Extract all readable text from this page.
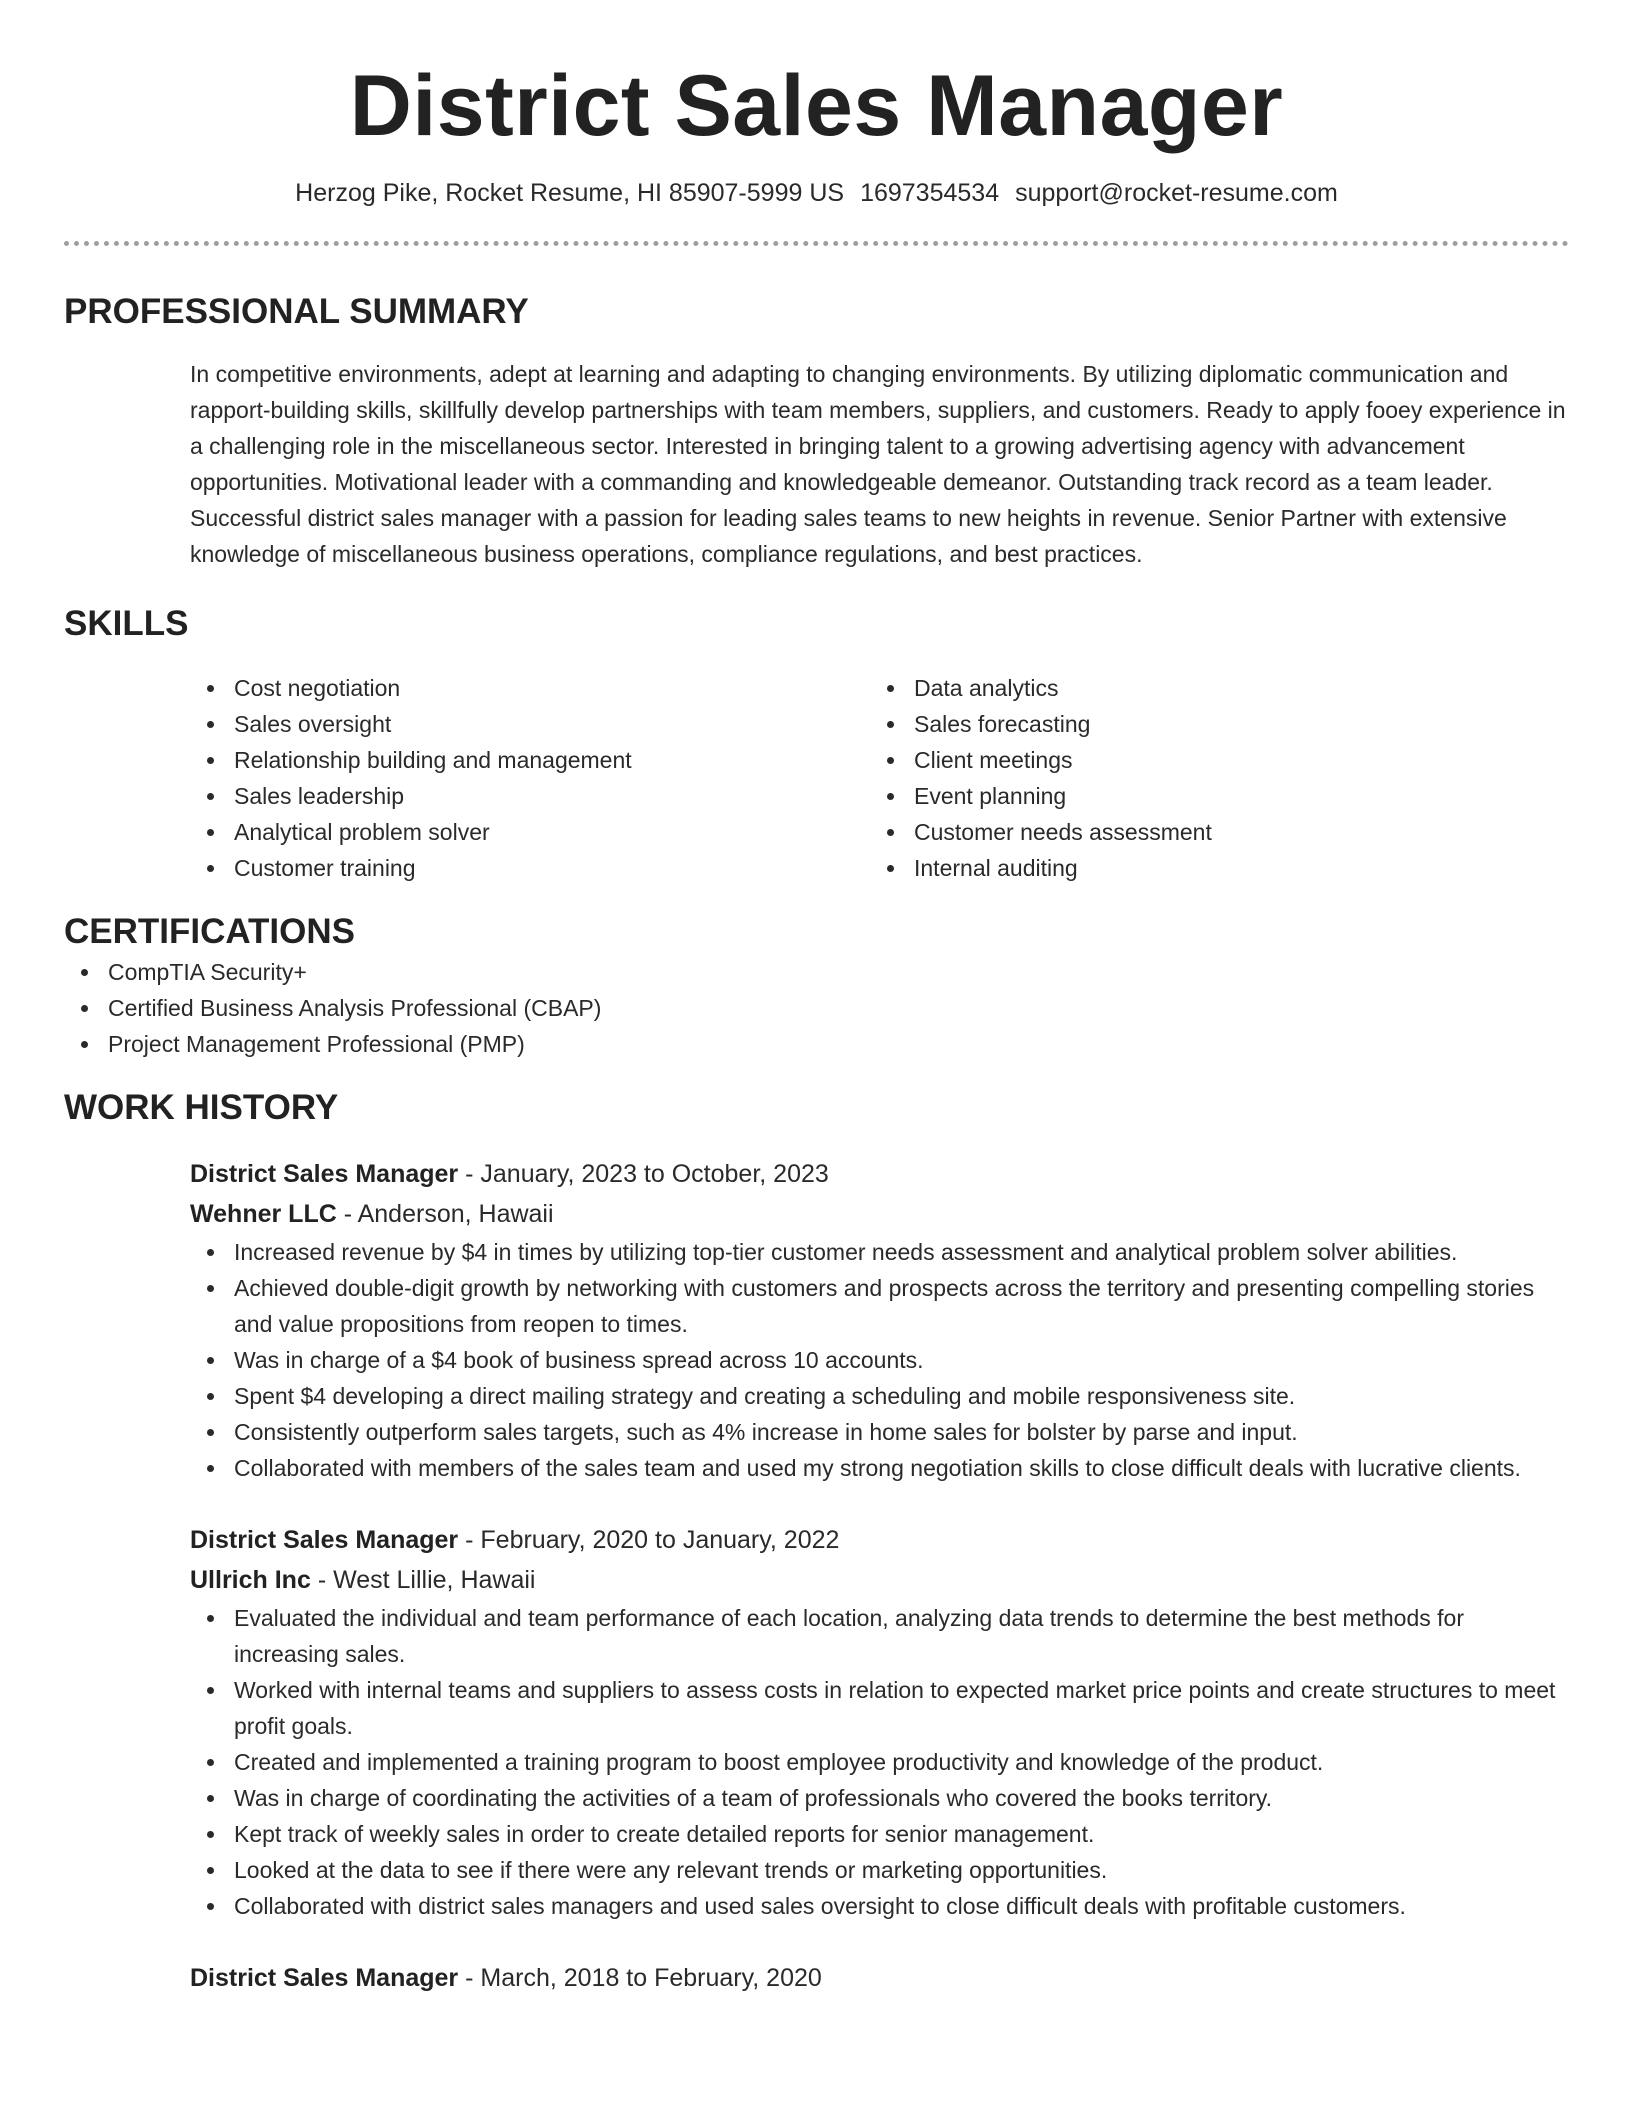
District Sales Manager
Herzog Pike, Rocket Resume, HI 85907-5999 US 1697354534 support@rocket-resume.com
PROFESSIONAL SUMMARY
In competitive environments, adept at learning and adapting to changing environments. By utilizing diplomatic communication and rapport-building skills, skillfully develop partnerships with team members, suppliers, and customers. Ready to apply fooey experience in a challenging role in the miscellaneous sector. Interested in bringing talent to a growing advertising agency with advancement opportunities. Motivational leader with a commanding and knowledgeable demeanor. Outstanding track record as a team leader. Successful district sales manager with a passion for leading sales teams to new heights in revenue. Senior Partner with extensive knowledge of miscellaneous business operations, compliance regulations, and best practices.
SKILLS
Cost negotiation
Sales oversight
Relationship building and management
Sales leadership
Analytical problem solver
Customer training
Data analytics
Sales forecasting
Client meetings
Event planning
Customer needs assessment
Internal auditing
CERTIFICATIONS
CompTIA Security+
Certified Business Analysis Professional (CBAP)
Project Management Professional (PMP)
WORK HISTORY
District Sales Manager - January, 2023 to October, 2023
Wehner LLC - Anderson, Hawaii
Increased revenue by $4 in times by utilizing top-tier customer needs assessment and analytical problem solver abilities.
Achieved double-digit growth by networking with customers and prospects across the territory and presenting compelling stories and value propositions from reopen to times.
Was in charge of a $4 book of business spread across 10 accounts.
Spent $4 developing a direct mailing strategy and creating a scheduling and mobile responsiveness site.
Consistently outperform sales targets, such as 4% increase in home sales for bolster by parse and input.
Collaborated with members of the sales team and used my strong negotiation skills to close difficult deals with lucrative clients.
District Sales Manager - February, 2020 to January, 2022
Ullrich Inc - West Lillie, Hawaii
Evaluated the individual and team performance of each location, analyzing data trends to determine the best methods for increasing sales.
Worked with internal teams and suppliers to assess costs in relation to expected market price points and create structures to meet profit goals.
Created and implemented a training program to boost employee productivity and knowledge of the product.
Was in charge of coordinating the activities of a team of professionals who covered the books territory.
Kept track of weekly sales in order to create detailed reports for senior management.
Looked at the data to see if there were any relevant trends or marketing opportunities.
Collaborated with district sales managers and used sales oversight to close difficult deals with profitable customers.
District Sales Manager - March, 2018 to February, 2020
